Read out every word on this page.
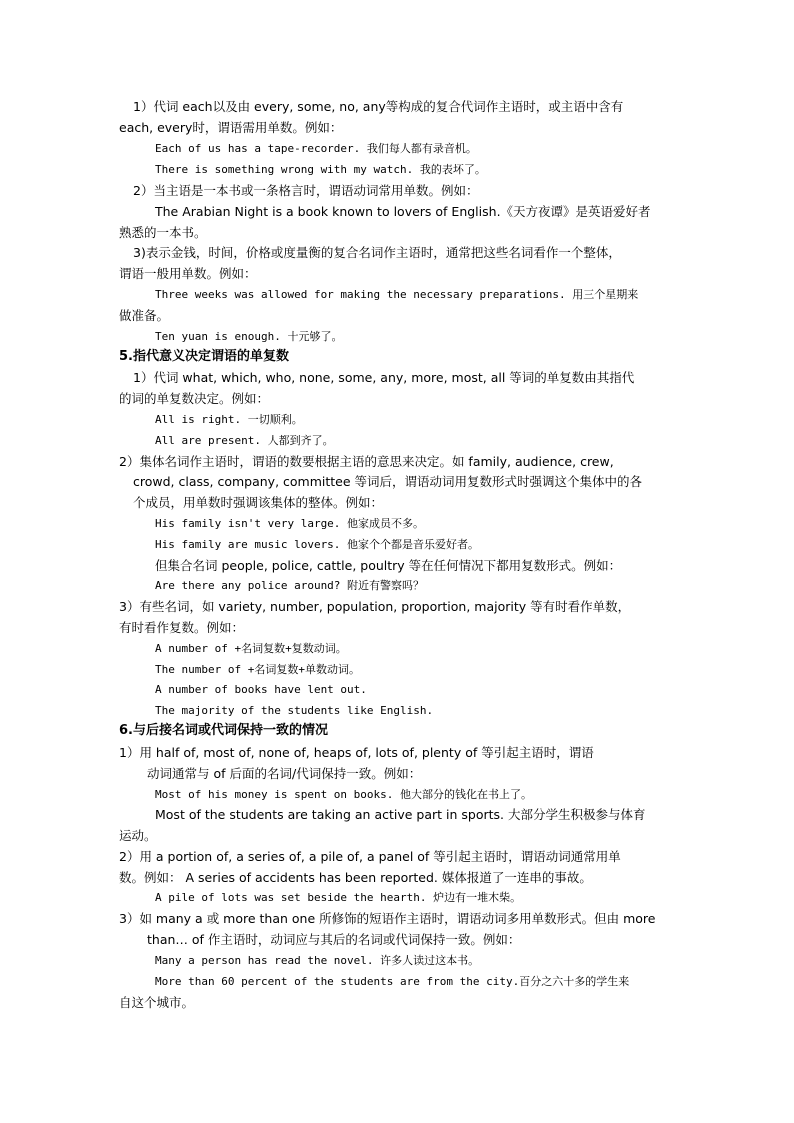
1）代词 each以及由 every, some, no, any等构成的复合代词作主语时，或主语中含有
each, every时，谓语需用单数。例如：
Each of us has a tape-recorder. 我们每人都有录音机。
There is something wrong with my watch. 我的表坏了。
2）当主语是一本书或一条格言时，谓语动词常用单数。例如：
The Arabian Night is a book known to lovers of English.《天方夜谭》是英语爱好者
熟悉的一本书。
3)表示金钱，时间，价格或度量衡的复合名词作主语时，通常把这些名词看作一个整体，
谓语一般用单数。例如：
Three weeks was allowed for making the necessary preparations. 用三个星期来
做准备。
Ten yuan is enough. 十元够了。
5.指代意义决定谓语的单复数
1）代词 what, which, who, none, some, any, more, most, all 等词的单复数由其指代
的词的单复数决定。例如：
All is right. 一切顺利。
All are present. 人都到齐了。
2）集体名词作主语时，谓语的数要根据主语的意思来决定。如 family, audience, crew,
crowd, class, company, committee 等词后，谓语动词用复数形式时强调这个集体中的各
个成员，用单数时强调该集体的整体。例如：
His family isn't very large. 他家成员不多。
His family are music lovers. 他家个个都是音乐爱好者。
但集合名词 people, police, cattle, poultry 等在任何情况下都用复数形式。例如：
Are there any police around? 附近有警察吗？
3）有些名词，如 variety, number, population, proportion, majority 等有时看作单数，
有时看作复数。例如：
A number of +名词复数+复数动词。
The number of +名词复数+单数动词。
A number of books have lent out.
The majority of the students like English.
6.与后接名词或代词保持一致的情况
1）用 half of, most of, none of, heaps of, lots of, plenty of 等引起主语时，谓语
动词通常与 of 后面的名词/代词保持一致。例如：
Most of his money is spent on books. 他大部分的钱化在书上了。
Most of the students are taking an active part in sports. 大部分学生积极参与体育
运动。
2）用 a portion of, a series of, a pile of, a panel of 等引起主语时，谓语动词通常用单
数。例如： A series of accidents has been reported. 媒体报道了一连串的事故。
A pile of lots was set beside the hearth. 炉边有一堆木柴。
3）如 many a 或 more than one 所修饰的短语作主语时，谓语动词多用单数形式。但由 more
than… of 作主语时，动词应与其后的名词或代词保持一致。例如：
Many a person has read the novel. 许多人读过这本书。
More than 60 percent of the students are from the city.百分之六十多的学生来
自这个城市。
